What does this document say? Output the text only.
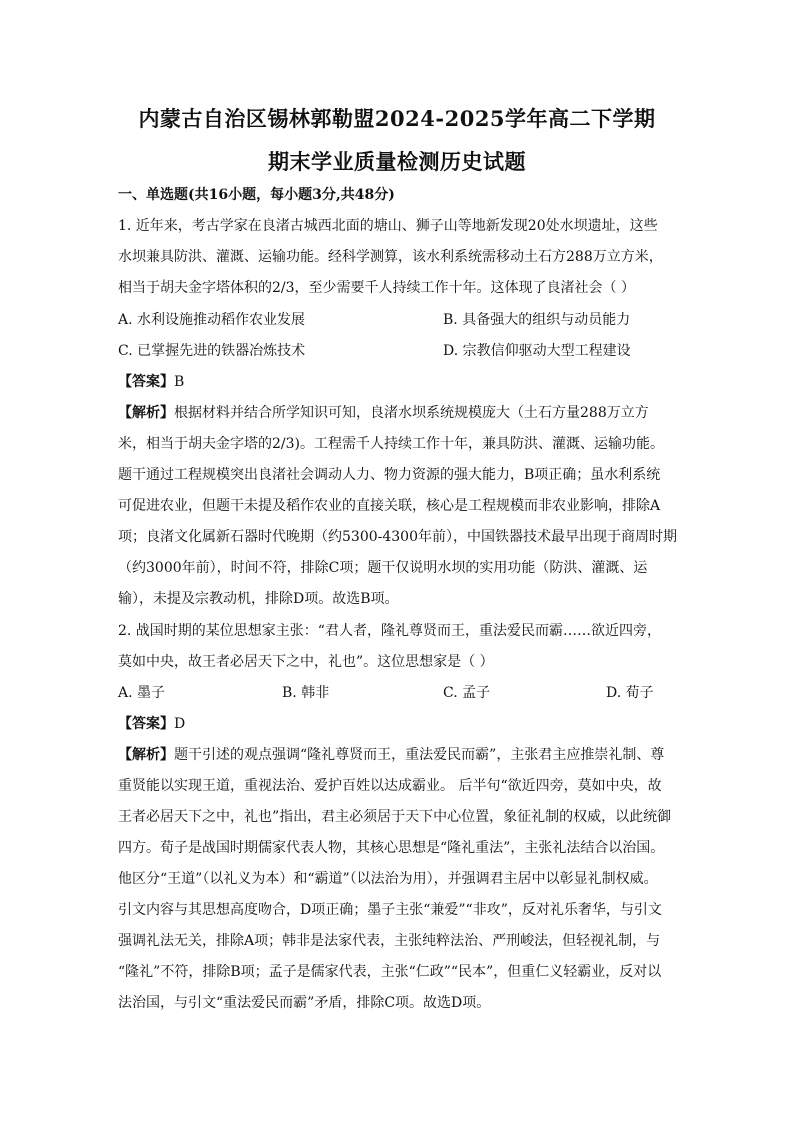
内蒙古自治区锡林郭勒盟2024-2025学年高二下学期
期末学业质量检测历史试题
一、单选题(共16小题，每小题3分,共48分)
1. 近年来，考古学家在良渚古城西北面的塘山、狮子山等地新发现20处水坝遗址，这些
水坝兼具防洪、灌溉、运输功能。经科学测算，该水利系统需移动土石方288万立方米，
相当于胡夫金字塔体积的2/3，至少需要千人持续工作十年。这体现了良渚社会（ ）
A. 水利设施推动稻作农业发展	B. 具备强大的组织与动员能力
C. 已掌握先进的铁器冶炼技术	D. 宗教信仰驱动大型工程建设
【答案】B
【解析】根据材料并结合所学知识可知，良渚水坝系统规模庞大（土石方量288万立方
米，相当于胡夫金字塔的2/3)。工程需千人持续工作十年，兼具防洪、灌溉、运输功能。
题干通过工程规模突出良渚社会调动人力、物力资源的强大能力，B项正确；虽水利系统
可促进农业，但题干未提及稻作农业的直接关联，核心是工程规模而非农业影响，排除A
项；良渚文化属新石器时代晚期（约5300-4300年前），中国铁器技术最早出现于商周时期
（约3000年前），时间不符，排除C项；题干仅说明水坝的实用功能（防洪、灌溉、运
输），未提及宗教动机，排除D项。故选B项。
2. 战国时期的某位思想家主张：“君人者，隆礼尊贤而王，重法爱民而霸……欲近四旁，
莫如中央，故王者必居天下之中，礼也”。这位思想家是（ ）
A. 墨子	B. 韩非	C. 孟子	D. 荀子
【答案】D
【解析】题干引述的观点强调“隆礼尊贤而王，重法爱民而霸”，主张君主应推崇礼制、尊
重贤能以实现王道，重视法治、爱护百姓以达成霸业。 后半句“欲近四旁，莫如中央，故
王者必居天下之中，礼也”指出，君主必须居于天下中心位置，象征礼制的权威，以此统御
四方。荀子是战国时期儒家代表人物，其核心思想是“隆礼重法”，主张礼法结合以治国。
他区分“王道”（以礼义为本）和“霸道”（以法治为用），并强调君主居中以彰显礼制权威。
引文内容与其思想高度吻合，D项正确；墨子主张“兼爱”“非攻”，反对礼乐奢华，与引文
强调礼法无关，排除A项；韩非是法家代表，主张纯粹法治、严刑峻法，但轻视礼制，与
“隆礼”不符，排除B项；孟子是儒家代表，主张“仁政”“民本”，但重仁义轻霸业，反对以
法治国，与引文“重法爱民而霸”矛盾，排除C项。故选D项。
